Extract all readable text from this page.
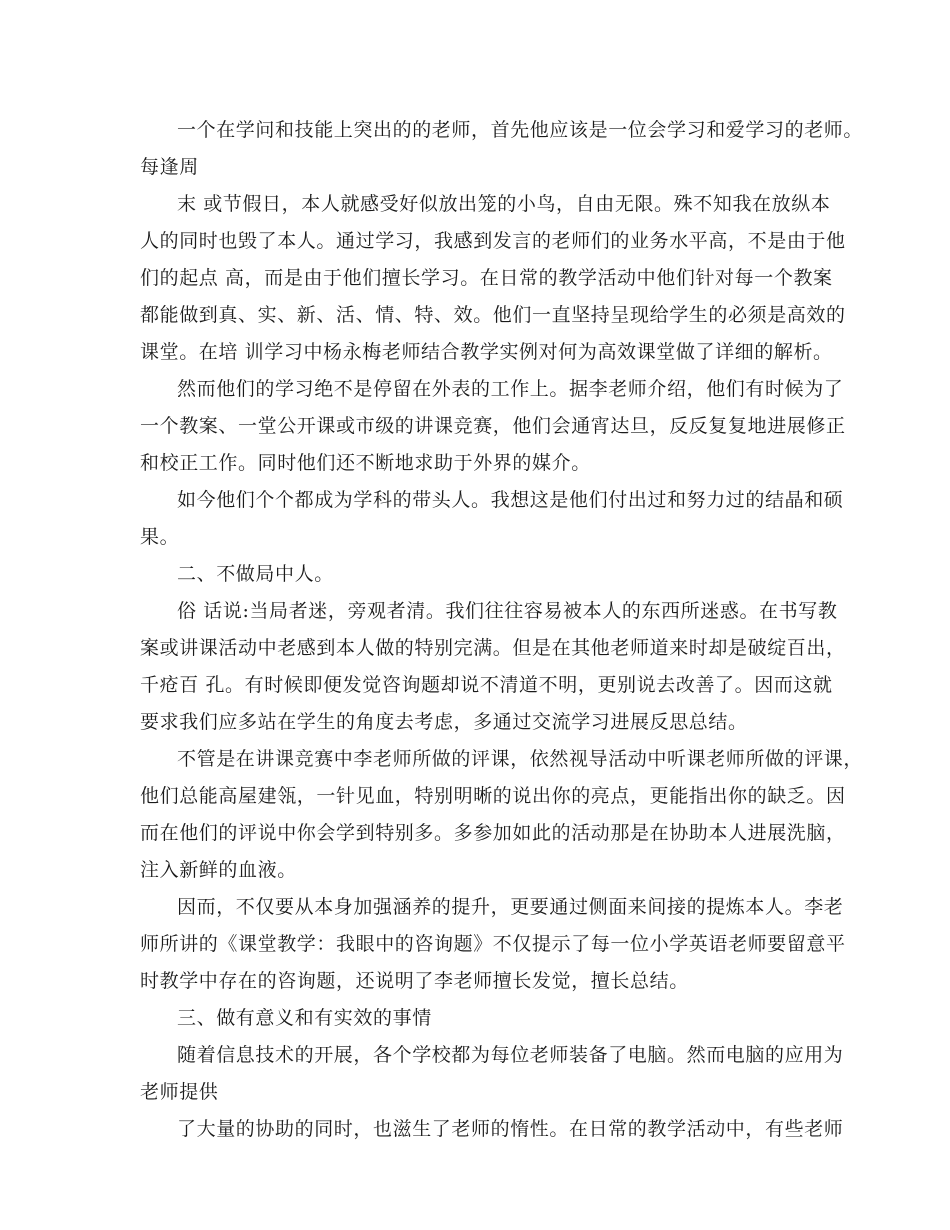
一个在学问和技能上突出的的老师，首先他应该是一位会学习和爱学习的老师。
每逢周
末 或节假日，本人就感受好似放出笼的小鸟，自由无限。殊不知我在放纵本
人的同时也毁了本人。通过学习，我感到发言的老师们的业务水平高，不是由于他
们的起点 高，而是由于他们擅长学习。在日常的教学活动中他们针对每一个教案
都能做到真、实、新、活、情、特、效。他们一直坚持呈现给学生的必须是高效的
课堂。在培 训学习中杨永梅老师结合教学实例对何为高效课堂做了详细的解析。
然而他们的学习绝不是停留在外表的工作上。据李老师介绍，他们有时候为了
一个教案、一堂公开课或市级的讲课竞赛，他们会通宵达旦，反反复复地进展修正
和校正工作。同时他们还不断地求助于外界的媒介。
如今他们个个都成为学科的带头人。我想这是他们付出过和努力过的结晶和硕
果。
二、不做局中人。
俗 话说:当局者迷，旁观者清。我们往往容易被本人的东西所迷惑。在书写教
案或讲课活动中老感到本人做的特别完满。但是在其他老师道来时却是破绽百出，
千疮百 孔。有时候即便发觉咨询题却说不清道不明，更别说去改善了。因而这就
要求我们应多站在学生的角度去考虑，多通过交流学习进展反思总结。
不管是在讲课竞赛中李老师所做的评课，依然视导活动中听课老师所做的评课，
他们总能高屋建瓴，一针见血，特别明晰的说出你的亮点，更能指出你的缺乏。因
而在他们的评说中你会学到特别多。多参加如此的活动那是在协助本人进展洗脑，
注入新鲜的血液。
因而，不仅要从本身加强涵养的提升，更要通过侧面来间接的提炼本人。李老
师所讲的《课堂教学：我眼中的咨询题》不仅提示了每一位小学英语老师要留意平
时教学中存在的咨询题，还说明了李老师擅长发觉，擅长总结。
三、做有意义和有实效的事情
随着信息技术的开展，各个学校都为每位老师装备了电脑。然而电脑的应用为
老师提供
了大量的协助的同时，也滋生了老师的惰性。在日常的教学活动中，有些老师
